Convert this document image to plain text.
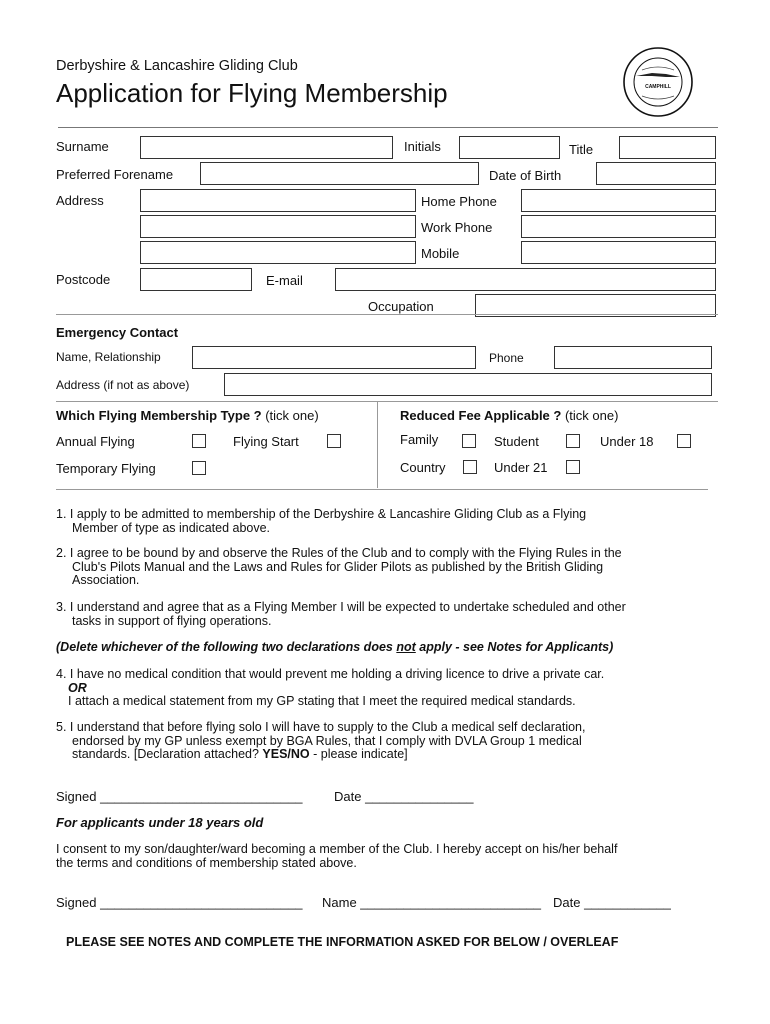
Derbyshire & Lancashire Gliding Club
Application for Flying Membership	CAMPHILL
Surname	Initials	Title
Preferred Forename	Date of Birth
Address	Home Phone
Work Phone
Mobile
Postcode	E-mail
Occupation
Emergency Contact
Name, Relationship	Phone
Address (if not as above)
Which Flying Membership Type ? (tick one)
Annual Flying	Flying Start
Temporary Flying
Reduced Fee Applicable ? (tick one)
Family	Student	Under 18
Country	Under 21
1. I apply to be admitted to membership of the Derbyshire & Lancashire Gliding Club as a Flying
Member of type as indicated above.
2. I agree to be bound by and observe the Rules of the Club and to comply with the Flying Rules in the
Club's Pilots Manual and the Laws and Rules for Glider Pilots as published by the British Gliding
Association.
3. I understand and agree that as a Flying Member I will be expected to undertake scheduled and other
tasks in support of flying operations.
(Delete whichever of the following two declarations does not apply - see Notes for Applicants)
4. I have no medical condition that would prevent me holding a driving licence to drive a private car.
OR
I attach a medical statement from my GP stating that I meet the required medical standards.
5. I understand that before flying solo I will have to supply to the Club a medical self declaration,
endorsed by my GP unless exempt by BGA Rules, that I comply with DVLA Group 1 medical
standards. [Declaration attached? YES/NO - please indicate]
Signed ____________________________ Date _______________
For applicants under 18 years old
I consent to my son/daughter/ward becoming a member of the Club. I hereby accept on his/her behalf
the terms and conditions of membership stated above.
Signed ____________________________ Name _________________________ Date ____________
PLEASE SEE NOTES AND COMPLETE THE INFORMATION ASKED FOR BELOW / OVERLEAF
